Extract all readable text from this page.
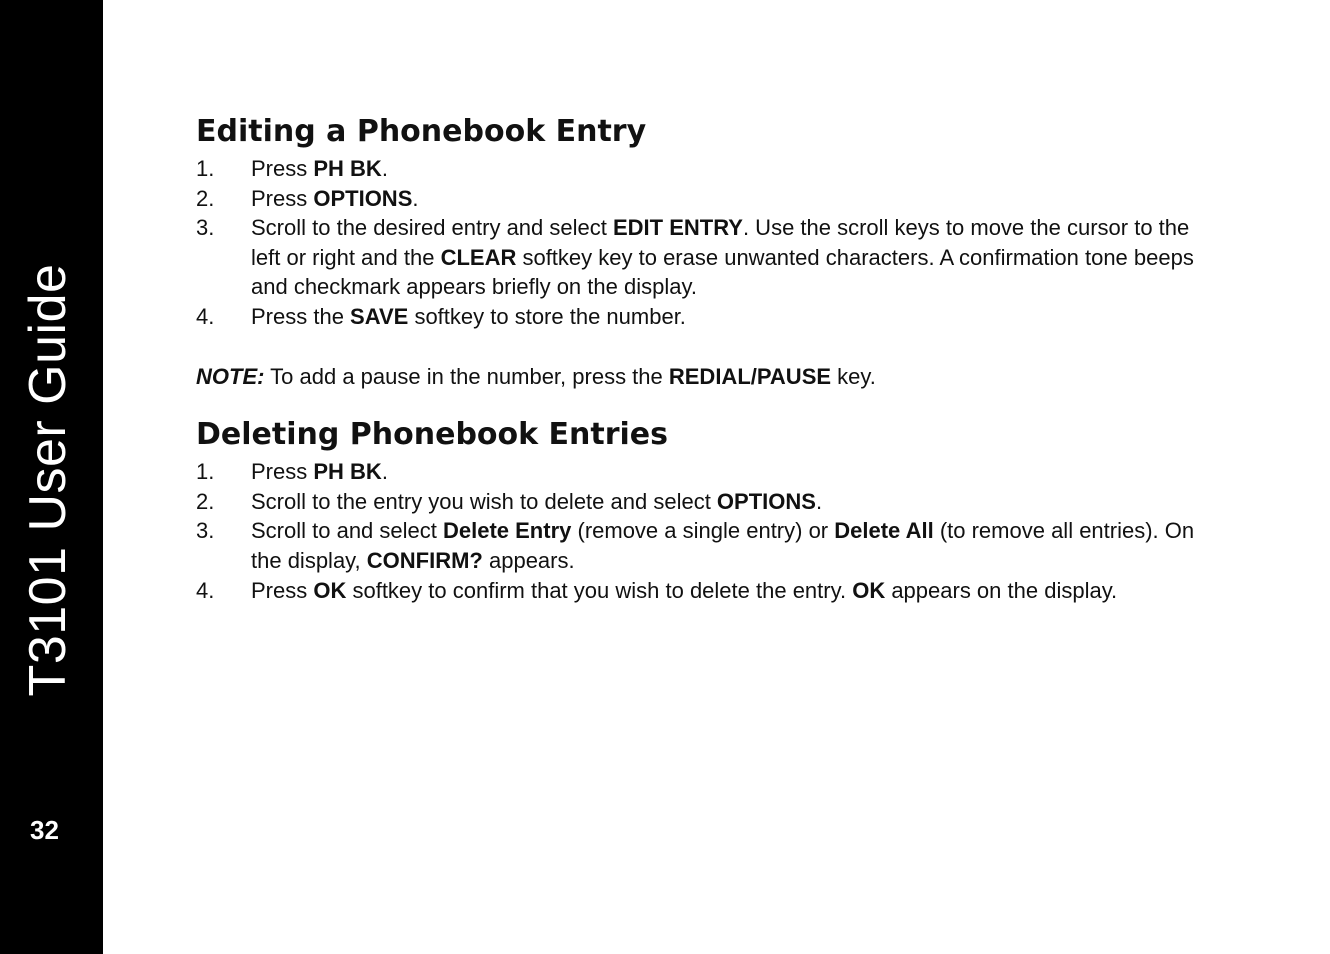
T3101 User Guide
32
Editing a Phonebook Entry
1. Press PH BK.
2. Press OPTIONS.
3. Scroll to the desired entry and select EDIT ENTRY. Use the scroll keys to move the cursor to the left or right and the CLEAR softkey key to erase unwanted characters. A confirmation tone beeps and checkmark appears briefly on the display.
4. Press the SAVE softkey to store the number.

NOTE: To add a pause in the number, press the REDIAL/PAUSE key.

Deleting Phonebook Entries
1. Press PH BK.
2. Scroll to the entry you wish to delete and select OPTIONS.
3. Scroll to and select Delete Entry (remove a single entry) or Delete All (to remove all entries). On the display, CONFIRM? appears.
4. Press OK softkey to confirm that you wish to delete the entry. OK appears on the display.
